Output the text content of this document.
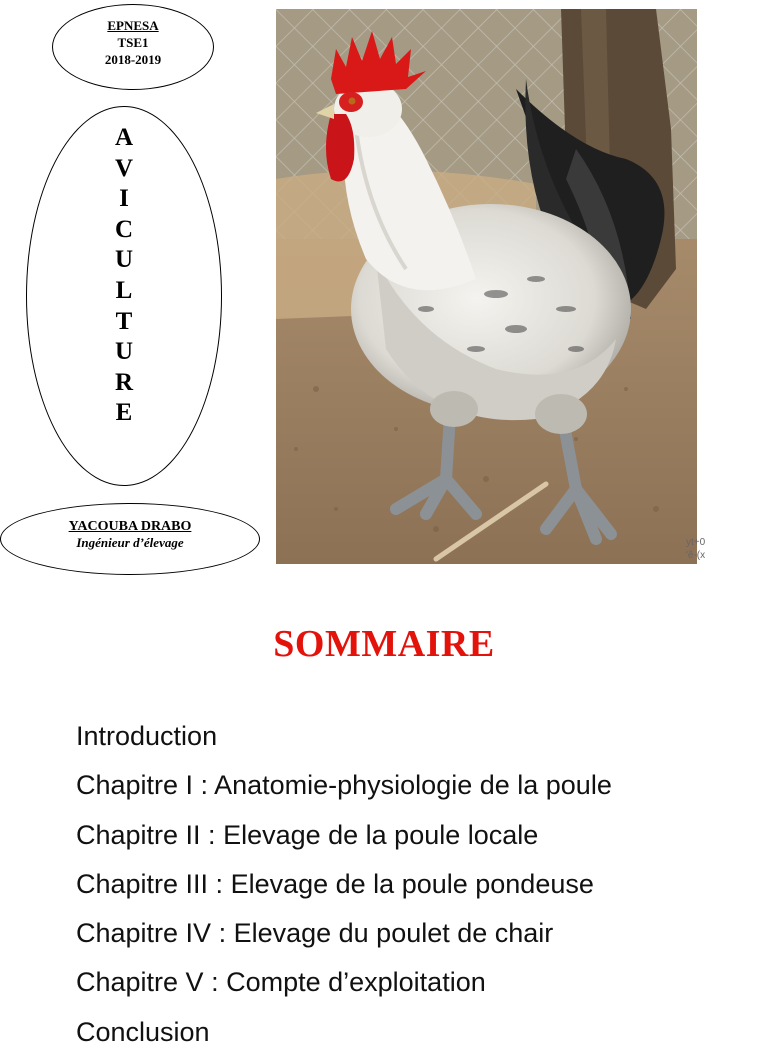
EPNESA
TSE1
2018-2019
A
V
I
C
U
L
T
U
R
E
YACOUBA DRABO
Ingénieur d’élevage	yt+0
'ê-(x
SOMMAIRE
Introduction
Chapitre I : Anatomie-physiologie de la poule
Chapitre II : Elevage de la poule locale
Chapitre III : Elevage de la poule pondeuse
Chapitre IV : Elevage du poulet de chair
Chapitre V : Compte d’exploitation
Conclusion
